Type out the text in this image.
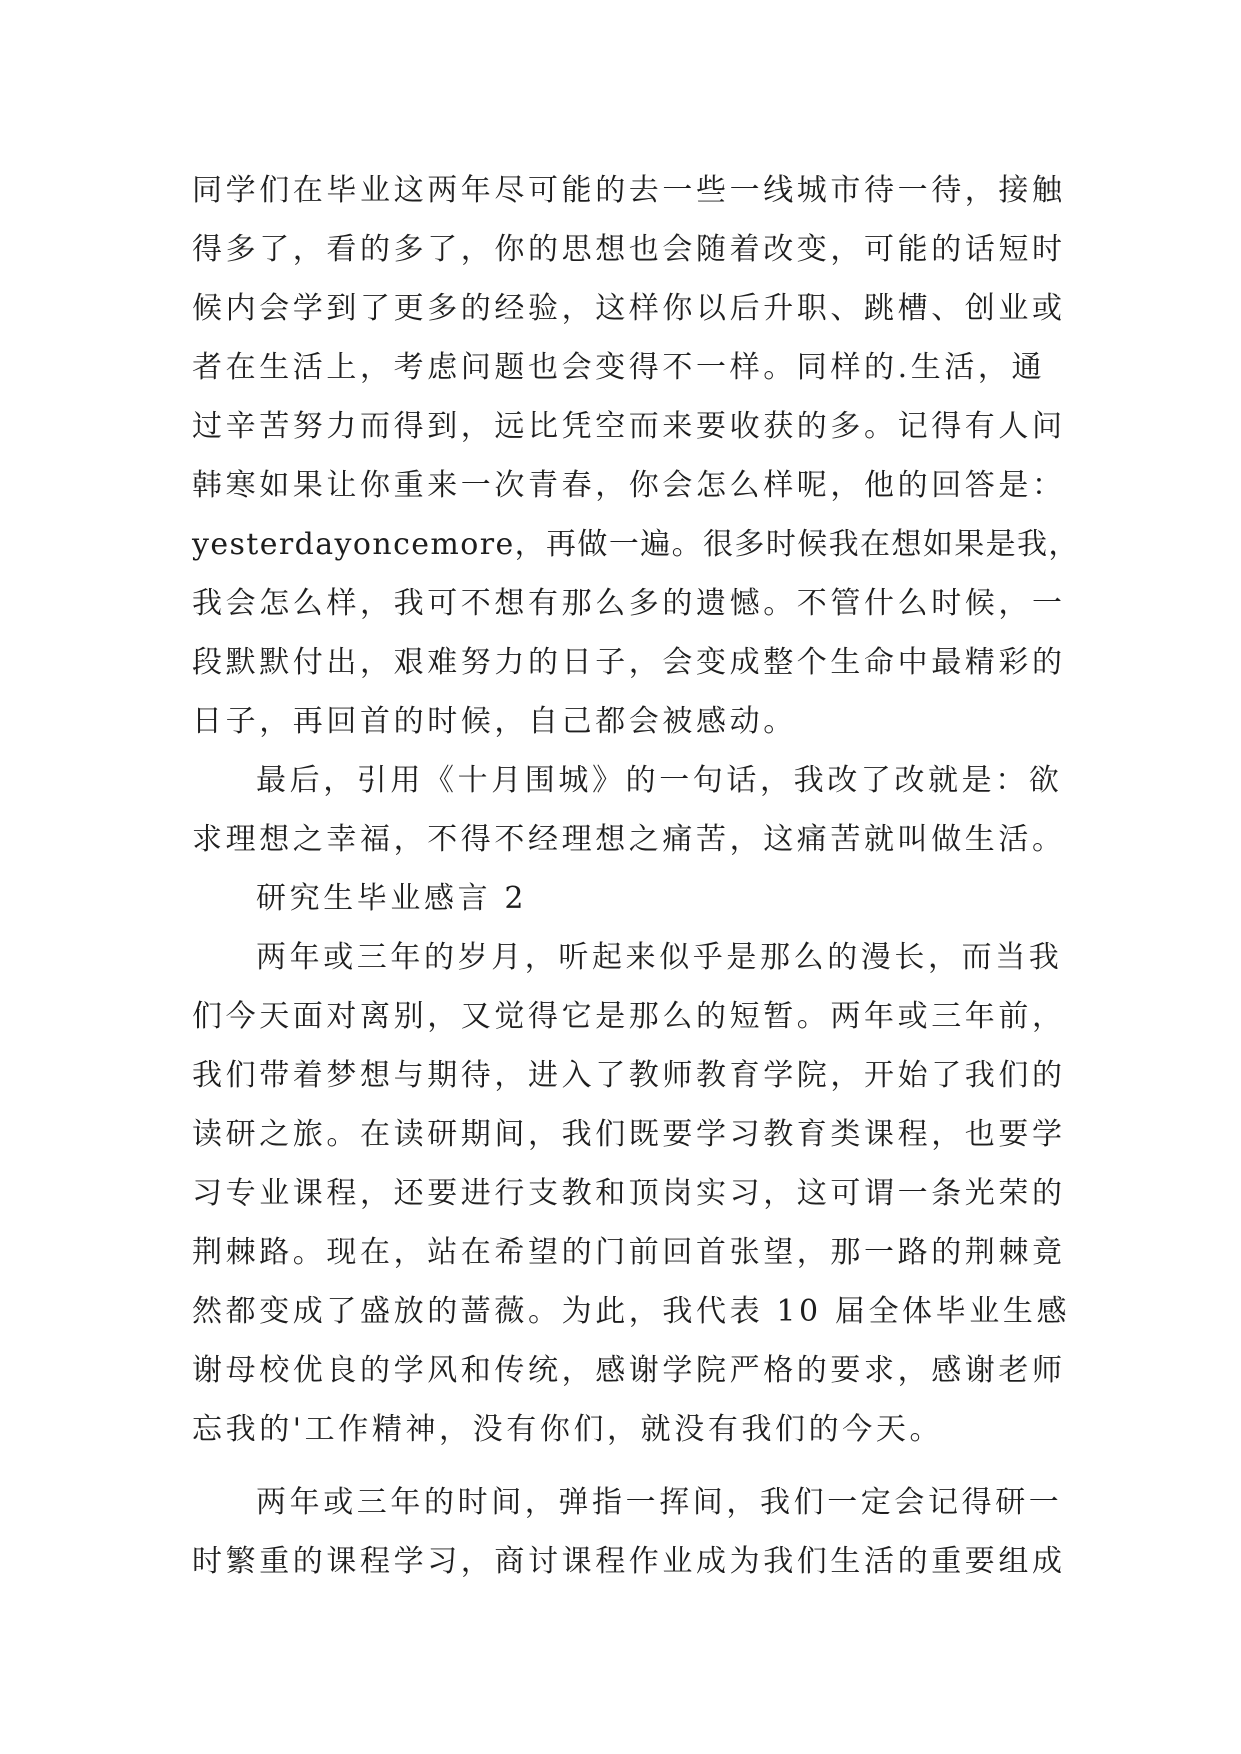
同学们在毕业这两年尽可能的去一些一线城市待一待，接触
得多了，看的多了，你的思想也会随着改变，可能的话短时
候内会学到了更多的经验，这样你以后升职、跳槽、创业或
者在生活上，考虑问题也会变得不一样。同样的.生活，通
过辛苦努力而得到，远比凭空而来要收获的多。记得有人问
韩寒如果让你重来一次青春，你会怎么样呢，他的回答是：
yesterdayoncemore，再做一遍。很多时候我在想如果是我，
我会怎么样，我可不想有那么多的遗憾。不管什么时候，一
段默默付出，艰难努力的日子，会变成整个生命中最精彩的
日子，再回首的时候，自己都会被感动。
最后，引用《十月围城》的一句话，我改了改就是：欲
求理想之幸福，不得不经理想之痛苦，这痛苦就叫做生活。
研究生毕业感言 2
两年或三年的岁月，听起来似乎是那么的漫长，而当我
们今天面对离别，又觉得它是那么的短暂。两年或三年前，
我们带着梦想与期待，进入了教师教育学院，开始了我们的
读研之旅。在读研期间，我们既要学习教育类课程，也要学
习专业课程，还要进行支教和顶岗实习，这可谓一条光荣的
荆棘路。现在，站在希望的门前回首张望，那一路的荆棘竟
然都变成了盛放的蔷薇。为此，我代表 10 届全体毕业生感
谢母校优良的学风和传统，感谢学院严格的要求，感谢老师
忘我的'工作精神，没有你们，就没有我们的今天。
两年或三年的时间，弹指一挥间，我们一定会记得研一
时繁重的课程学习，商讨课程作业成为我们生活的重要组成
